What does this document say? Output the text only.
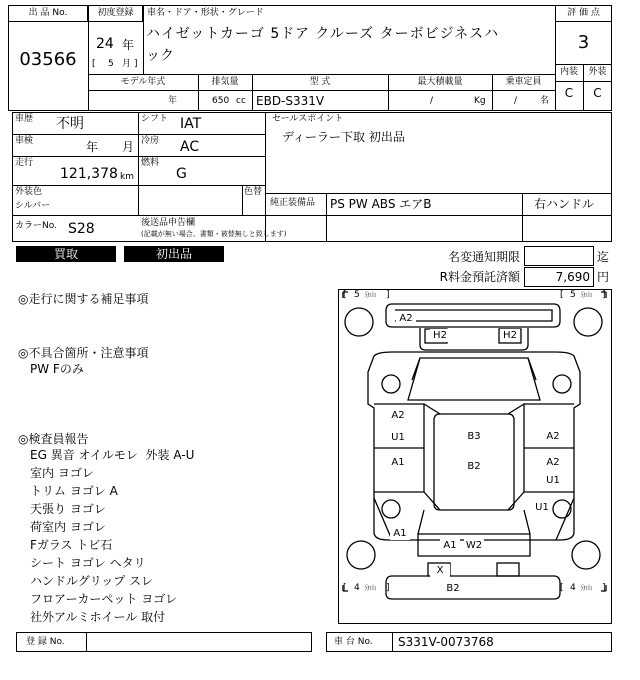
出 品 No.
03566
初度登録
24 年
[ 5 月 ]
車名・ドア・形状・グレード
ハイゼットカーゴ 5ドア クルーズ ターボビジネスハ
ック
評 価 点
3
内装	外装
C	C
モデル年式	排気量	型 式	最大積載量	乗車定員
年	650 cc EBD-S331V	/	Kg	/	名
車歴 不明	シフト IAT
車検	年 月 冷房 AC
走行
121,378 km
燃料
G
外装色
シルバー
色替
カラーNo. S28	後送品申告欄
(記載が無い場合、書類・被替無しと致します)
セールスポイント
ディーラー下取 初出品
純正装備品 PS PW ABS エアB	右ハンドル
買取	初出品	名変通知期限	迄
R料金預託済額	7,690 円
◎走行に関する補足事項
◎不具合箇所・注意事項
PW Fのみ
◎検査員報告
EG 異音 オイルモレ  外装 A-U
室内 ヨゴレ
トリム ヨゴレ A
天張り ヨゴレ
荷室内 ヨゴレ
Fガラス トビ石
シート ヨゴレ ヘタリ
ハンドルグリップ スレ
フロアーカーペット ヨゴレ
社外アルミホイール 取付
[ 5 分山 ]	[ 5 分山 ]
[ 4 分山 ]	[ 4 分山 ]
A2
H2	H2
A2
U1	B3	A2
A1	B2	A2
U1
U1
A1
A1 W2
X
B2
登 録 No.	車 台 No. S331V-0073768
